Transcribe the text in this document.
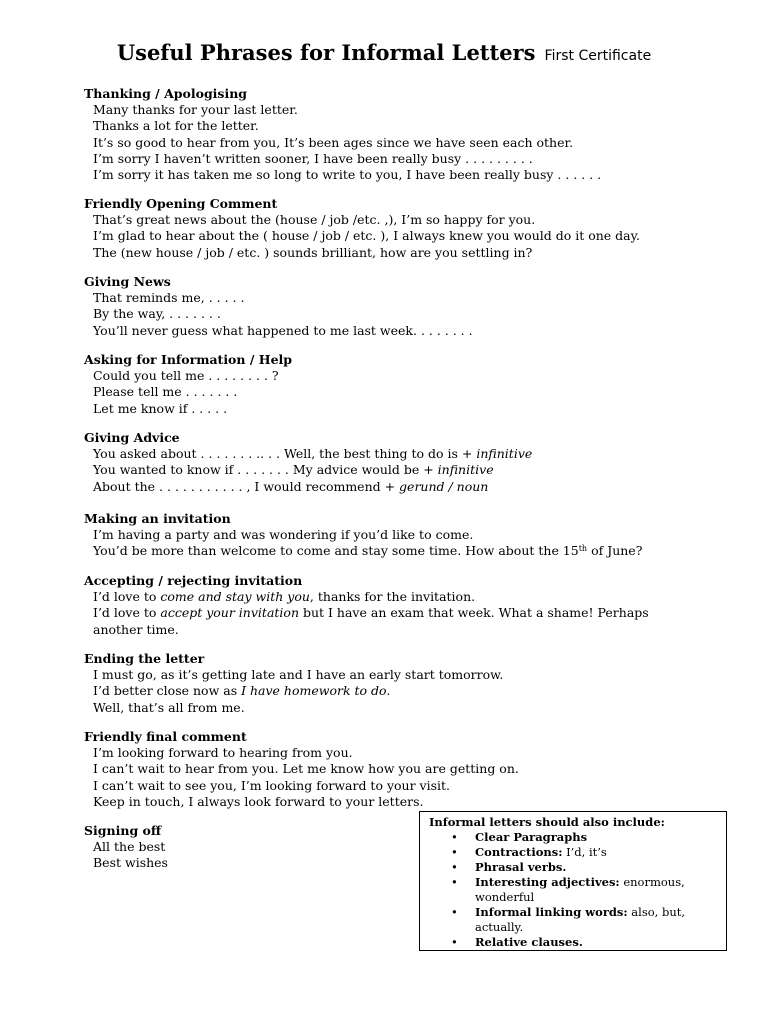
Useful Phrases for Informal Letters First Certificate
Thanking / Apologising
Many thanks for your last letter.
Thanks a lot for the letter.
It’s so good to hear from you, It’s been ages since we have seen each other.
I’m sorry I haven’t written sooner, I have been really busy . . . . . . . . .
I’m sorry it has taken me so long to write to you, I have been really busy . . . . . .
Friendly Opening Comment
That’s great news about the (house / job /etc. ,), I’m so happy for you.
I’m glad to hear about the ( house / job / etc. ), I always knew you would do it one day.
The (new house / job / etc. ) sounds brilliant, how are you settling in?
Giving News
That reminds me, . . . . .
By the way, . . . . . . .
You’ll never guess what happened to me last week. . . . . . . .
Asking for Information / Help
Could you tell me . . . . . . . . ?
Please tell me . . . . . . .
Let me know if . . . . .
Giving Advice
You asked about . . . . . . . .. . . Well, the best thing to do is + infinitive
You wanted to know if . . . . . . . My advice would be + infinitive
About the . . . . . . . . . . . , I would recommend + gerund / noun
Making an invitation
I’m having a party and was wondering if you’d like to come.
You’d be more than welcome to come and stay some time. How about the 15th of June?
Accepting / rejecting invitation
I’d love to come and stay with you, thanks for the invitation.
I’d love to accept your invitation but I have an exam that week. What a shame! Perhaps
another time.
Ending the letter
I must go, as it’s getting late and I have an early start tomorrow.
I’d better close now as I have homework to do.
Well, that’s all from me.
Friendly final comment
I’m looking forward to hearing from you.
I can’t wait to hear from you. Let me know how you are getting on.
I can’t wait to see you, I’m looking forward to your visit.
Keep in touch, I always look forward to your letters.
Signing off
All the best
Best wishes
Informal letters should also include:
• Clear Paragraphs
• Contractions: I’d, it’s
• Phrasal verbs.
• Interesting adjectives: enormous, wonderful
• Informal linking words: also, but, actually.
• Relative clauses.
